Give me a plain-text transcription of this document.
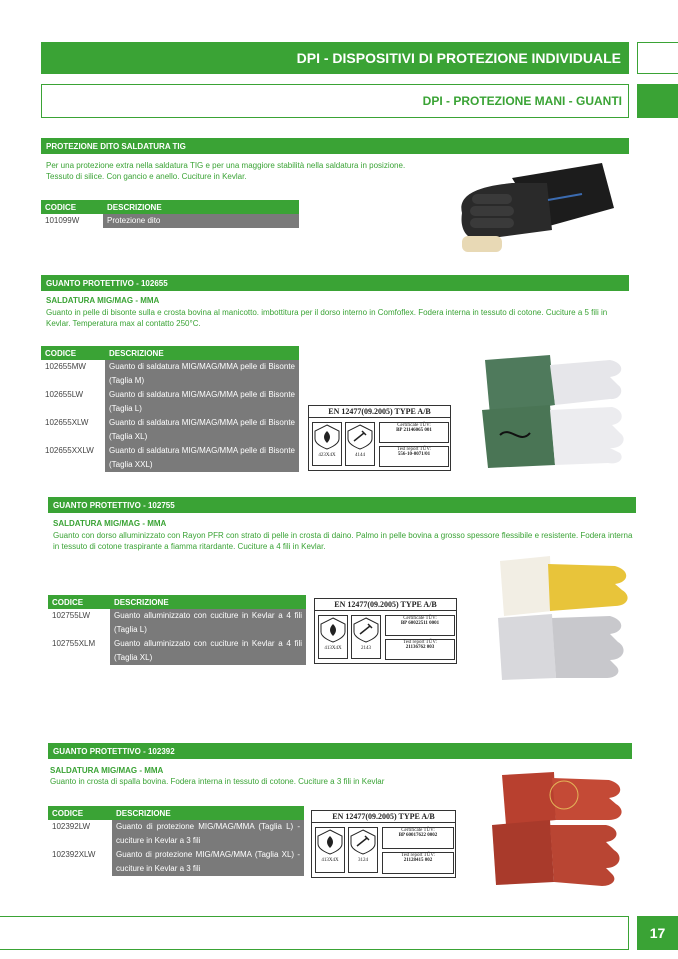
DPI - DISPOSITIVI DI PROTEZIONE INDIVIDUALE
DPI - PROTEZIONE MANI - GUANTI
PROTEZIONE DITO SALDATURA TIG
Per una protezione extra nella saldatura TIG e per una maggiore stabilità nella saldatura in posizione. Tessuto di silice. Con gancio e anello. Cuciture in Kevlar.
CODICE	DESCRIZIONE
101099W	Protezione dito
GUANTO PROTETTIVO - 102655
SALDATURA MIG/MAG - MMA
Guanto in pelle di bisonte sulla e crosta bovina al manicotto. imbottitura per il dorso interno in Comfoflex. Fodera interna in tessuto di cotone. Cuciture a 5 fili in Kevlar. Temperatura max al contatto 250°C.
CODICE	DESCRIZIONE
102655MW	Guanto di saldatura MIG/MAG/MMA pelle di Bisonte (Taglia M)
102655LW	Guanto di saldatura MIG/MAG/MMA pelle di Bisonte (Taglia L)
102655XLW	Guanto di saldatura MIG/MAG/MMA pelle di Bisonte (Taglia XL)
102655XXLW	Guanto di saldatura MIG/MAG/MMA pelle di Bisonte (Taglia XXL)
EN 12477(09.2005) TYPE A/B
423X4X	4144
Certificate TÜV:
BP 21146065 001
Test report TÜV:
556-10-0071/01
GUANTO PROTETTIVO - 102755
SALDATURA MIG/MAG - MMA
Guanto con dorso alluminizzato con Rayon PFR con strato di pelle in crosta di daino. Palmo in pelle bovina a grosso spessore flessibile e resistente. Fodera interna in tessuto di cotone traspirante a fiamma ritardante. Cuciture a 4 fili in Kevlar.
CODICE	DESCRIZIONE
102755LW	Guanto alluminizzato con cuciture in Kevlar a 4 fili (Taglia L)
102755XLM	Guanto alluminizzato con cuciture in Kevlar a 4 fili (Taglia XL)
EN 12477(09.2005) TYPE A/B
413X4X	2143
Certificate TÜV:
BP 60022511 0001
Test report TÜV:
21136762 003
GUANTO PROTETTIVO - 102392
SALDATURA MIG/MAG - MMA
Guanto in crosta di spalla bovina. Fodera interna in tessuto di cotone. Cuciture a 3 fili in Kevlar
CODICE	DESCRIZIONE
102392LW	Guanto di protezione MIG/MAG/MMA (Taglia L) - cuciture in Kevlar a 3 fili
102392XLW	Guanto di protezione MIG/MAG/MMA (Taglia XL) - cuciture in Kevlar a 3 fili
EN 12477(09.2005) TYPE A/B
413X4X	3124
Certificate TÜV:
BP 60017622 0002
Test report TÜV:
21128415 002
17
